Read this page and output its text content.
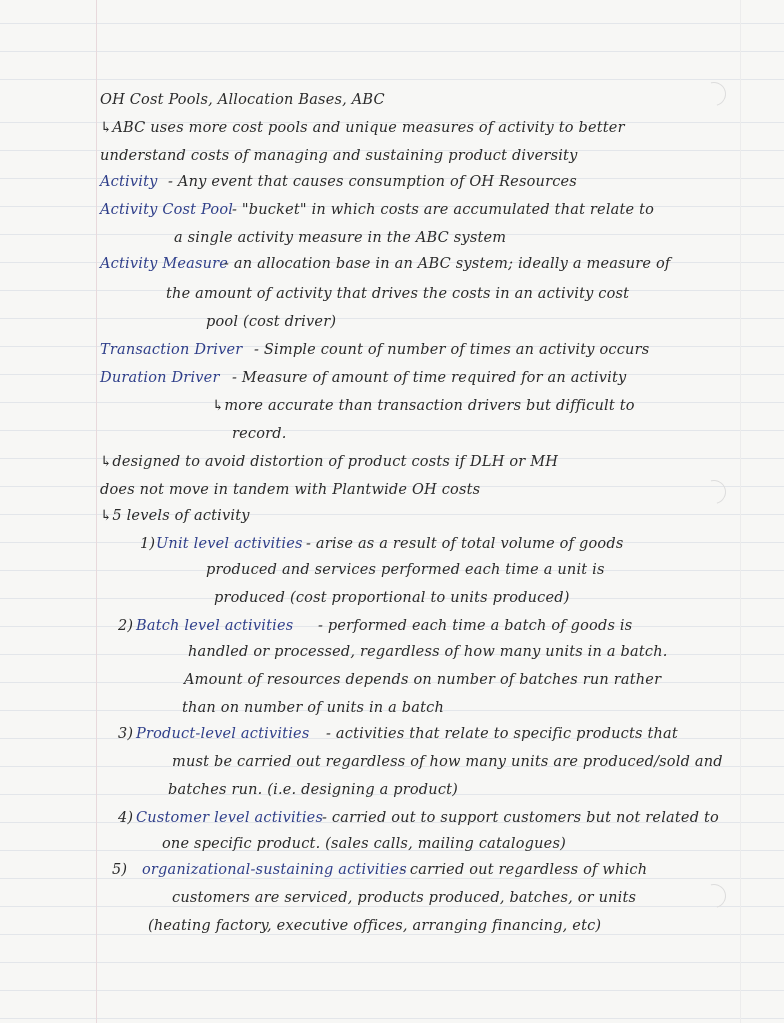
OH Cost Pools, Allocation Bases, ABC
↳ABC uses more cost pools and unique measures of activity to better
understand costs of managing and sustaining product diversity
Activity - Any event that causes consumption of OH Resources
Activity Cost Pool
- "bucket" in which costs are accumulated that relate to
a single activity measure in the ABC system
Activity Measure
- an allocation base in an ABC system; ideally a measure of
the amount of activity that drives the costs in an activity cost
pool (cost driver)
Transaction Driver - Simple count of number of times an activity occurs
Duration Driver - Measure of amount of time required for an activity
↳more accurate than transaction drivers but difficult to
record.
↳designed to avoid distortion of product costs if DLH or MH
does not move in tandem with Plantwide OH costs
↳5 levels of activity
1) Unit level activities - arise as a result of total volume of goods
produced and services performed each time a unit is
produced (cost proportional to units produced)
2) Batch level activities - performed each time a batch of goods is
handled or processed, regardless of how many units in a batch.
Amount of resources depends on number of batches run rather
than on number of units in a batch
3) Product-level activities - activities that relate to specific products that
must be carried out regardless of how many units are produced/sold and
batches run. (i.e. designing a product)
4) Customer level activities
- carried out to support customers but not related to
one specific product. (sales calls, mailing catalogues)
5) organizational-sustaining activities
- carried out regardless of which
customers are serviced, products produced, batches, or units
(heating factory, executive offices, arranging financing, etc)
